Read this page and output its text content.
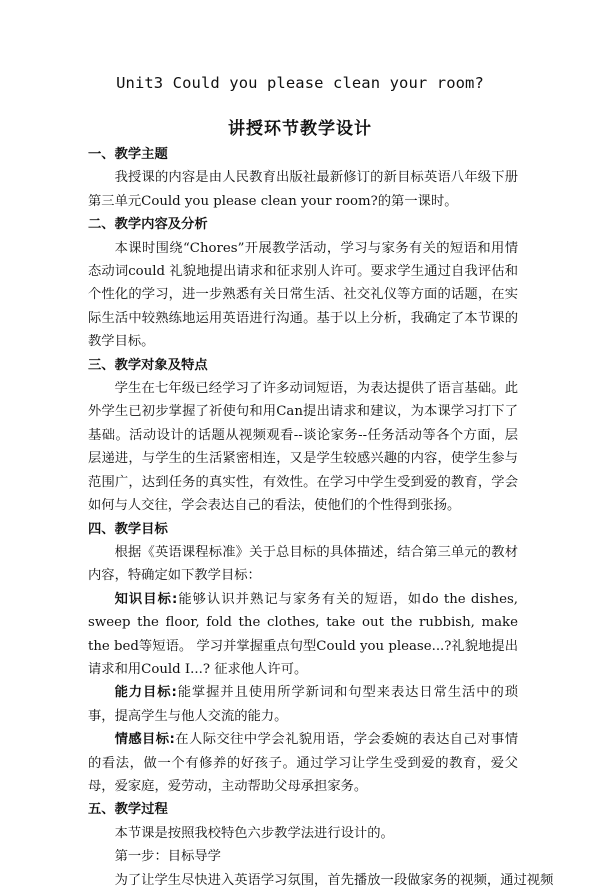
Unit3 Could you please clean your room?
讲授环节教学设计
一、教学主题
我授课的内容是由人民教育出版社最新修订的新目标英语八年级下册第三单元Could you please clean your room?的第一课时。
二、教学内容及分析
本课时围绕“Chores”开展教学活动，学习与家务有关的短语和用情态动词could 礼貌地提出请求和征求别人许可。要求学生通过自我评估和个性化的学习，进一步熟悉有关日常生活、社交礼仪等方面的话题，在实际生活中较熟练地运用英语进行沟通。基于以上分析，我确定了本节课的教学目标。
三、教学对象及特点
学生在七年级已经学习了许多动词短语，为表达提供了语言基础。此外学生已初步掌握了祈使句和用Can提出请求和建议，为本课学习打下了基础。活动设计的话题从视频观看--谈论家务--任务活动等各个方面，层层递进，与学生的生活紧密相连，又是学生较感兴趣的内容，使学生参与范围广，达到任务的真实性，有效性。在学习中学生受到爱的教育，学会如何与人交往，学会表达自己的看法，使他们的个性得到张扬。
四、教学目标
根据《英语课程标准》关于总目标的具体描述，结合第三单元的教材内容，特确定如下教学目标：
知识目标:能够认识并熟记与家务有关的短语，如do the dishes, sweep the floor, fold the clothes, take out the rubbish, make the bed等短语。 学习并掌握重点句型Could you please...?礼貌地提出请求和用Could I...? 征求他人许可。
能力目标:能掌握并且使用所学新词和句型来表达日常生活中的琐事，提高学生与他人交流的能力。
情感目标:在人际交往中学会礼貌用语，学会委婉的表达自己对事情的看法，做一个有修养的好孩子。通过学习让学生受到爱的教育，爱父母，爱家庭，爱劳动，主动帮助父母承担家务。
五、教学过程
本节课是按照我校特色六步教学法进行设计的。
第一步：目标导学
为了让学生尽快进入英语学习氛围，首先播放一段做家务的视频，通过视频
